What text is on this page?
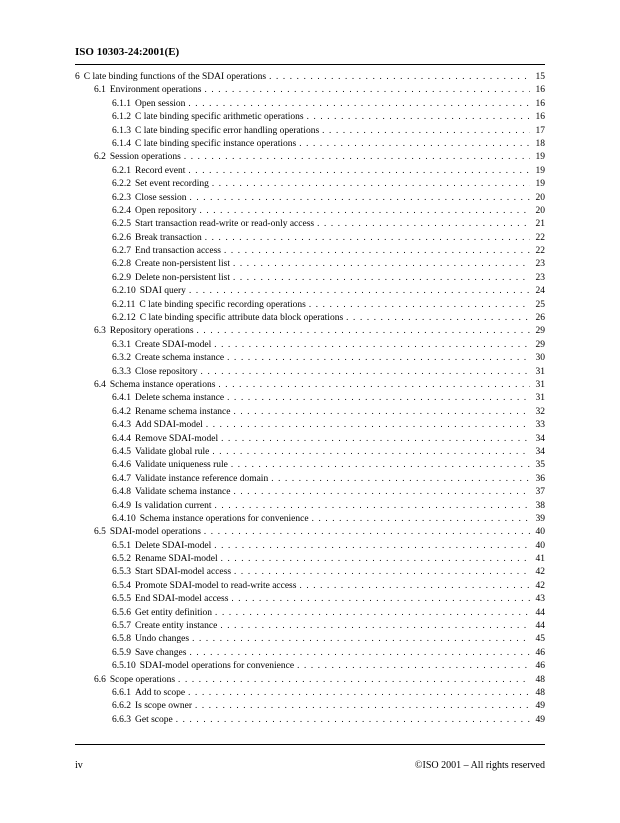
ISO 10303-24:2001(E)
6 C late binding functions of the SDAI operations . . .	15
6.1 Environment operations . . .	16
6.1.1 Open session . . .	16
6.1.2 C late binding specific arithmetic operations . . .	16
6.1.3 C late binding specific error handling operations . . .	17
6.1.4 C late binding specific instance operations . . .	18
6.2 Session operations . . .	19
6.2.1 Record event . . .	19
6.2.2 Set event recording . . .	19
6.2.3 Close session . . .	20
6.2.4 Open repository . . .	20
6.2.5 Start transaction read-write or read-only access . . .	21
6.2.6 Break transaction . . .	22
6.2.7 End transaction access . . .	22
6.2.8 Create non-persistent list . . .	23
6.2.9 Delete non-persistent list . . .	23
6.2.10 SDAI query . . .	24
6.2.11 C late binding specific recording operations . . .	25
6.2.12 C late binding specific attribute data block operations . . .	26
6.3 Repository operations . . .	29
6.3.1 Create SDAI-model . . .	29
6.3.2 Create schema instance . . .	30
6.3.3 Close repository . . .	31
6.4 Schema instance operations . . .	31
6.4.1 Delete schema instance . . .	31
6.4.2 Rename schema instance . . .	32
6.4.3 Add SDAI-model . . .	33
6.4.4 Remove SDAI-model . . .	34
6.4.5 Validate global rule . . .	34
6.4.6 Validate uniqueness rule . . .	35
6.4.7 Validate instance reference domain . . .	36
6.4.8 Validate schema instance . . .	37
6.4.9 Is validation current . . .	38
6.4.10 Schema instance operations for convenience . . .	39
6.5 SDAI-model operations . . .	40
6.5.1 Delete SDAI-model . . .	40
6.5.2 Rename SDAI-model . . .	41
6.5.3 Start SDAI-model access . . .	42
6.5.4 Promote SDAI-model to read-write access . . .	42
6.5.5 End SDAI-model access . . .	43
6.5.6 Get entity definition . . .	44
6.5.7 Create entity instance . . .	44
6.5.8 Undo changes . . .	45
6.5.9 Save changes . . .	46
6.5.10 SDAI-model operations for convenience . . .	46
6.6 Scope operations . . .	48
6.6.1 Add to scope . . .	48
6.6.2 Is scope owner . . .	49
6.6.3 Get scope . . .	49
iv	©ISO 2001 – All rights reserved
